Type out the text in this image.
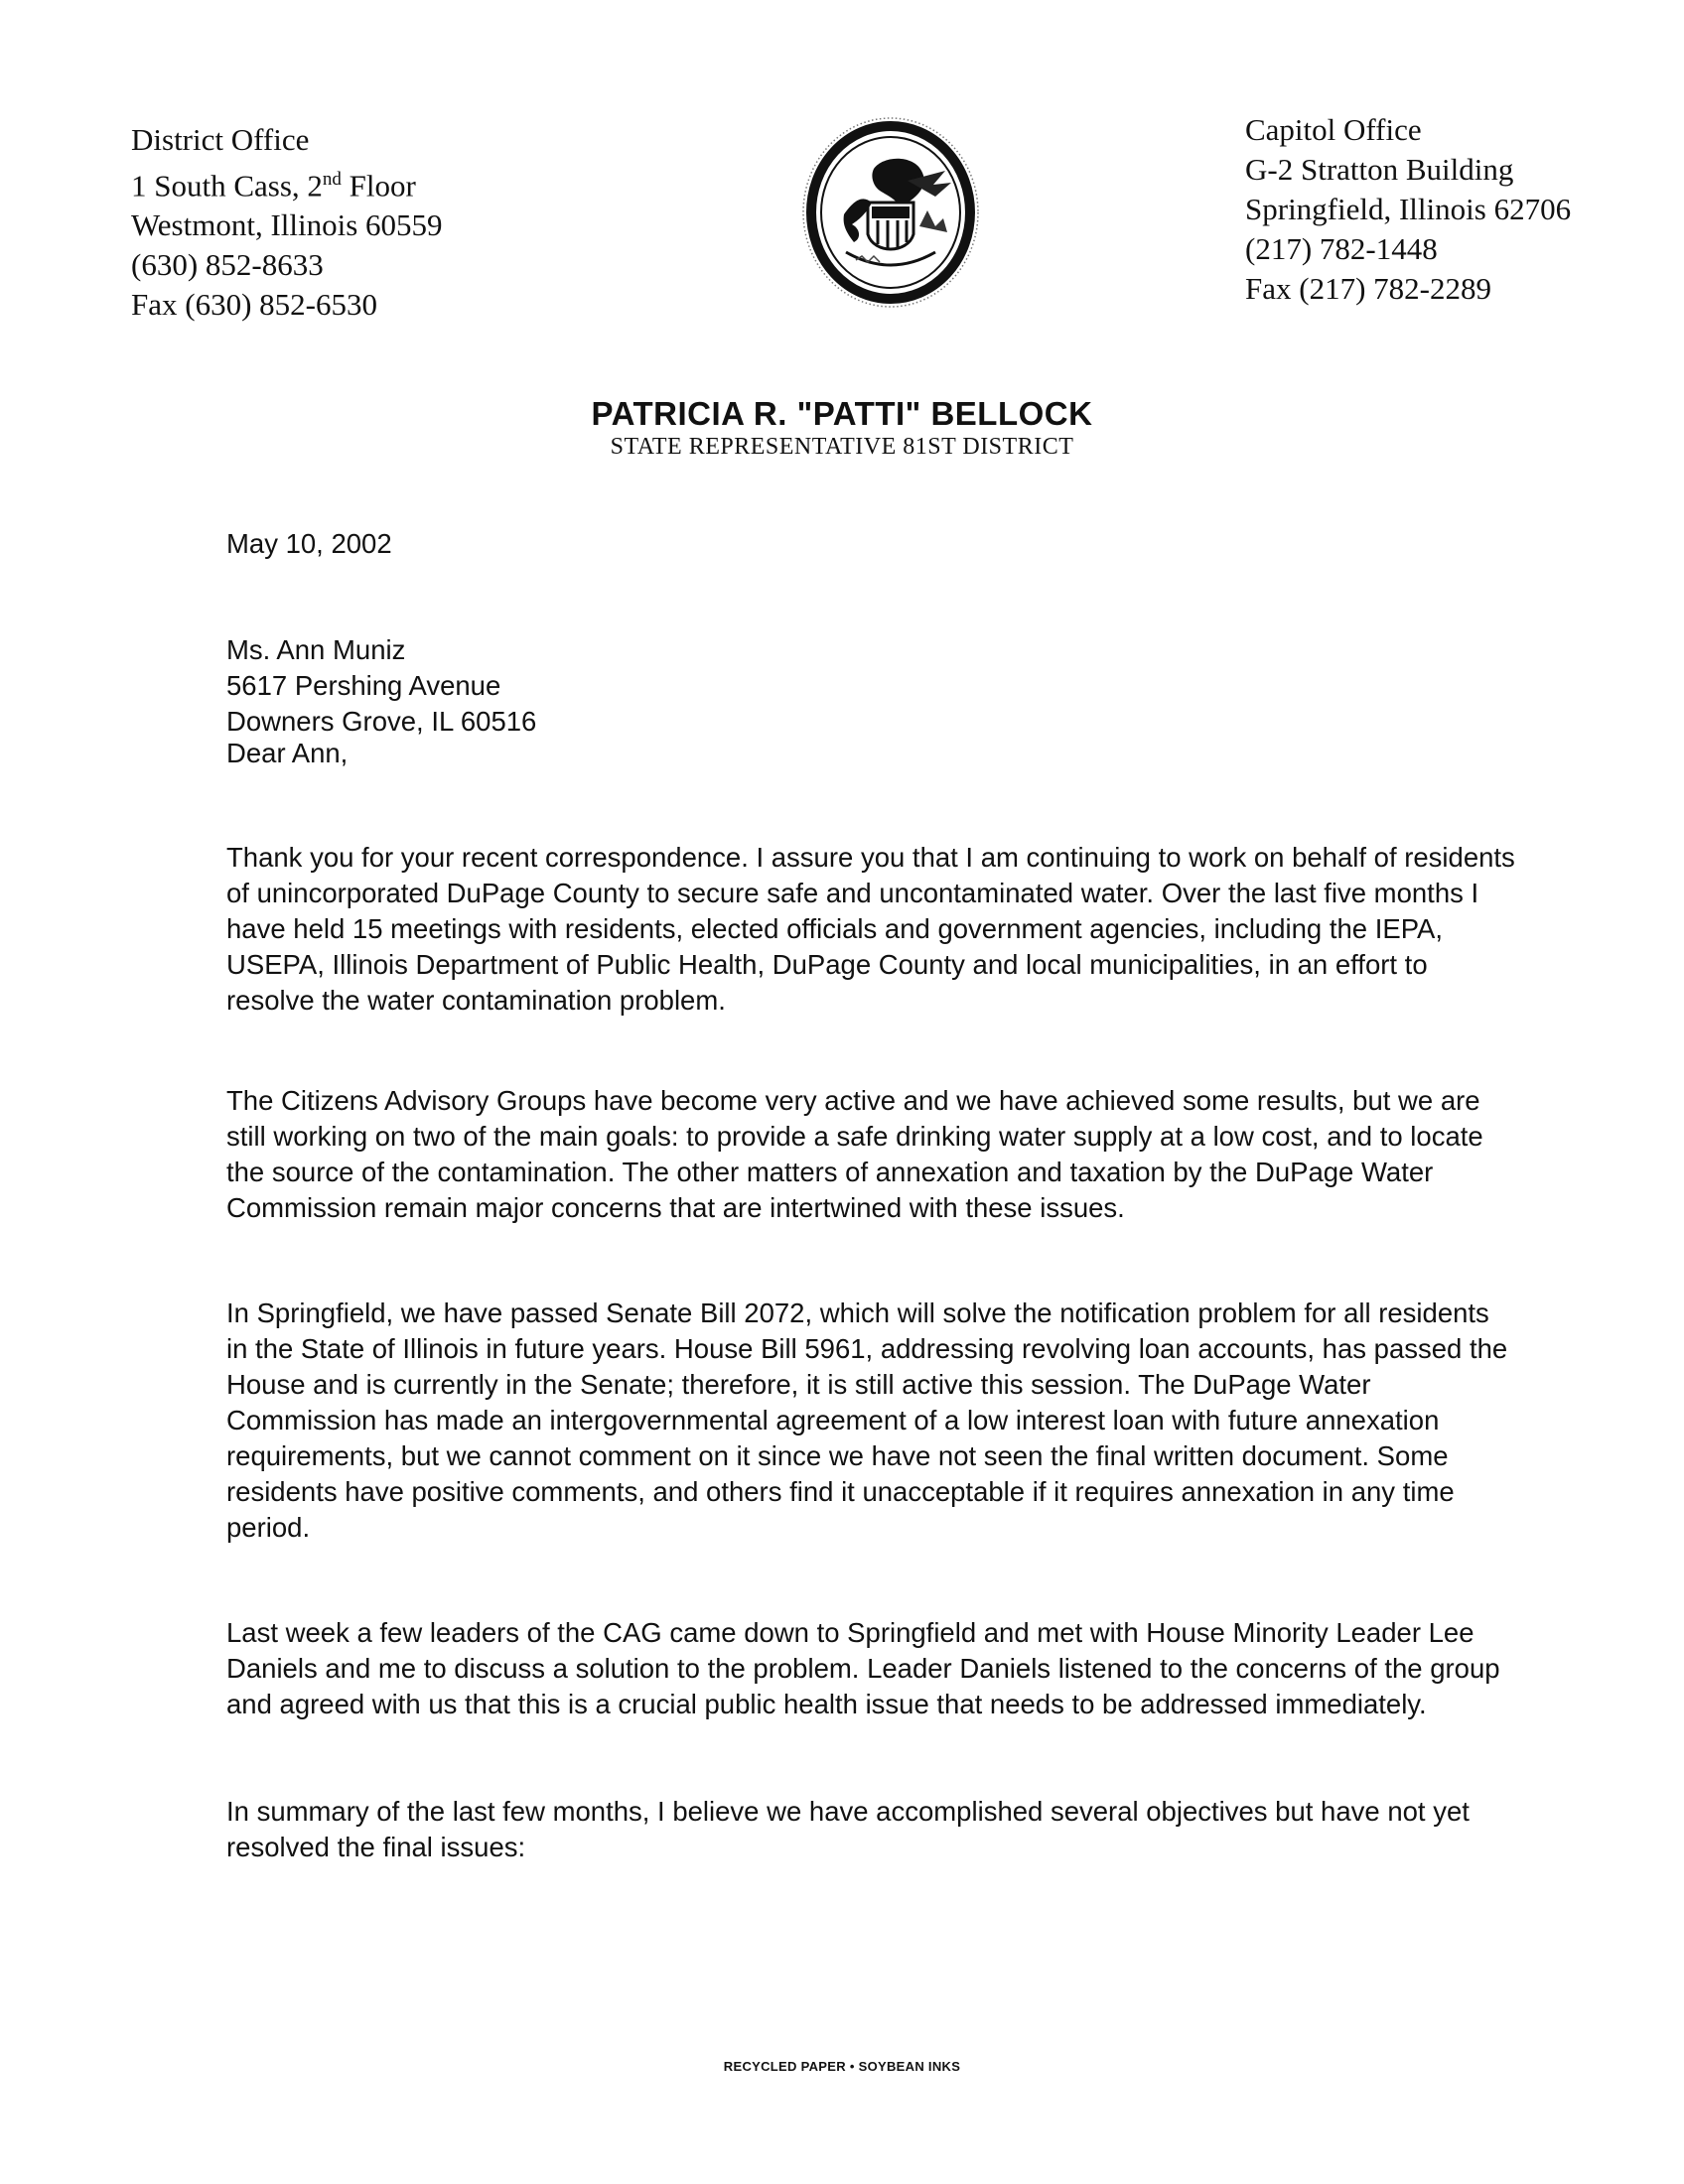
District Office
1 South Cass, 2nd Floor
Westmont, Illinois 60559
(630) 852-8633
Fax (630) 852-6530
Capitol Office
G-2 Stratton Building
Springfield, Illinois 62706
(217) 782-1448
Fax (217) 782-2289
PATRICIA R. "PATTI" BELLOCK
STATE REPRESENTATIVE 81ST DISTRICT
May 10, 2002
Ms. Ann Muniz
5617 Pershing Avenue
Downers Grove, IL 60516
Dear Ann,

Thank you for your recent correspondence. I assure you that I am continuing to work on behalf of residents of unincorporated DuPage County to secure safe and uncontaminated water. Over the last five months I have held 15 meetings with residents, elected officials and government agencies, including the IEPA, USEPA, Illinois Department of Public Health, DuPage County and local municipalities, in an effort to resolve the water contamination problem.

The Citizens Advisory Groups have become very active and we have achieved some results, but we are still working on two of the main goals: to provide a safe drinking water supply at a low cost, and to locate the source of the contamination. The other matters of annexation and taxation by the DuPage Water Commission remain major concerns that are intertwined with these issues.

In Springfield, we have passed Senate Bill 2072, which will solve the notification problem for all residents in the State of Illinois in future years. House Bill 5961, addressing revolving loan accounts, has passed the House and is currently in the Senate; therefore, it is still active this session. The DuPage Water Commission has made an intergovernmental agreement of a low interest loan with future annexation requirements, but we cannot comment on it since we have not seen the final written document. Some residents have positive comments, and others find it unacceptable if it requires annexation in any time period.

Last week a few leaders of the CAG came down to Springfield and met with House Minority Leader Lee Daniels and me to discuss a solution to the problem. Leader Daniels listened to the concerns of the group and agreed with us that this is a crucial public health issue that needs to be addressed immediately.

In summary of the last few months, I believe we have accomplished several objectives but have not yet resolved the final issues:

RECYCLED PAPER • SOYBEAN INKS
